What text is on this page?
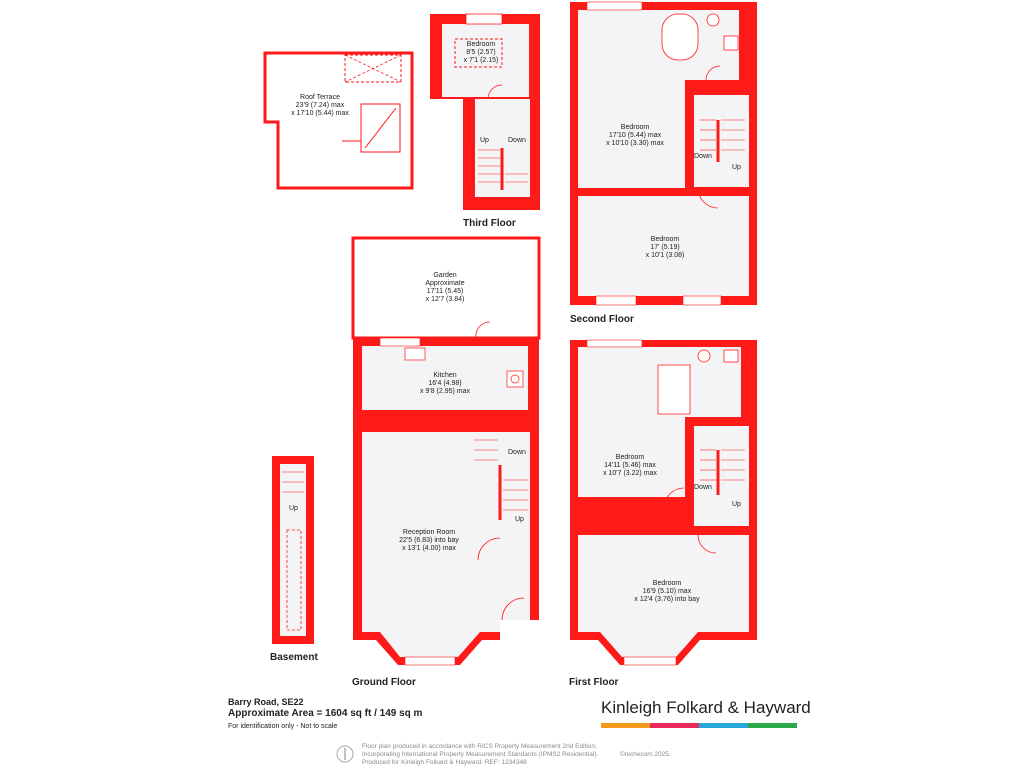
Roof Terrace
23'9 (7.24) max
x 17'10 (5.44) max
Bedroom
8'5 (2.57)
x 7'1 (2.15)
Bedroom
17'10 (5.44) max
x 10'10 (3.30) max
Bedroom
17' (5.19)
x 10'1 (3.08)
Garden
Approximate
17'11 (5.45)
x 12'7 (3.84)
Kitchen
16'4 (4.98)
x 9'8 (2.95) max
Reception Room
22'5 (6.83) into bay
x 13'1 (4.00) max
Bedroom
14'11 (5.46) max
x 10'7 (3.22) max
Bedroom
16'9 (5.10) max
x 12'4 (3.76) into bay
Up	Down
Down
Up
Down
Up
Up
Down
Up
Third Floor
Second Floor
Ground Floor	First Floor
Basement
Barry Road, SE22
Approximate Area = 1604 sq ft / 149 sq m
For identification only - Not to scale
Kinleigh Folkard & Hayward
Floor plan produced in accordance with RICS Property Measurement 2nd Edition,
Incorporating International Property Measurement Standards (IPMS2 Residential).
Produced for Kinleigh Folkard & Hayward. REF: 1234348
©nichecom 2025.
